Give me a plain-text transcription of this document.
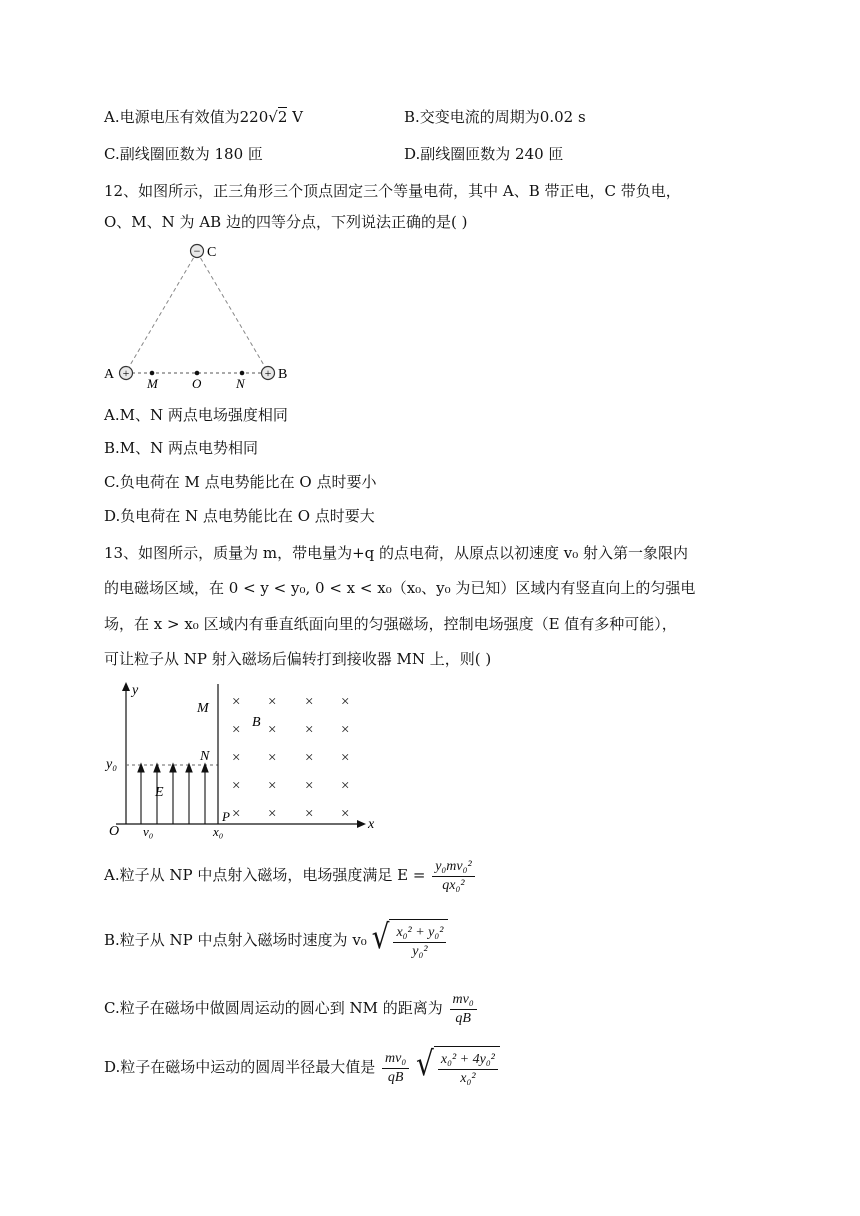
A.电源电压有效值为220√2 V	B.交变电流的周期为0.02 s
C.副线圈匝数为 180 匝	D.副线圈匝数为 240 匝
12、如图所示，正三角形三个顶点固定三个等量电荷，其中 A、B 带正电，C 带负电，
O、M、N 为 AB 边的四等分点，下列说法正确的是( )
− C
+
A	+ B
M	O	N
A.M、N 两点电场强度相同
B.M、N 两点电势相同
C.负电荷在 M 点电势能比在 O 点时要小
D.负电荷在 N 点电势能比在 O 点时要大
13、如图所示，质量为 m，带电量为+q 的点电荷，从原点以初速度 v₀ 射入第一象限内
的电磁场区域，在 0 < y < y₀, 0 < x < x₀（x₀、y₀ 为已知）区域内有竖直向上的匀强电
场，在 x > x₀ 区域内有垂直纸面向里的匀强磁场，控制电场强度（E 值有多种可能），
可让粒子从 NP 射入磁场后偏转打到接收器 MN 上，则( )
y
x
O
y₀
M
N
P
E
v₀	x₀
B
× × × ×
× × × ×
× × × ×
× × × ×
× × × ×
A.粒子从 NP 中点射入磁场，电场强度满足 $E = \frac{\text{y₀mv₀²}}{\text{qx₀²}}$
B.粒子从 NP 中点射入磁场时速度为 v₀ √ $\frac{\text{x₀² + y₀²}}{\text{y₀²}}$
C.粒子在磁场中做圆周运动的圆心到 NM 的距离为 $\frac{\text{mv₀}}{qB}$
D.粒子在磁场中运动的圆周半径最大值是 $\frac{\text{mv₀}}{qB}$
√ $\frac{\text{x₀² + 4y₀²}}{\text{x₀²}}$
